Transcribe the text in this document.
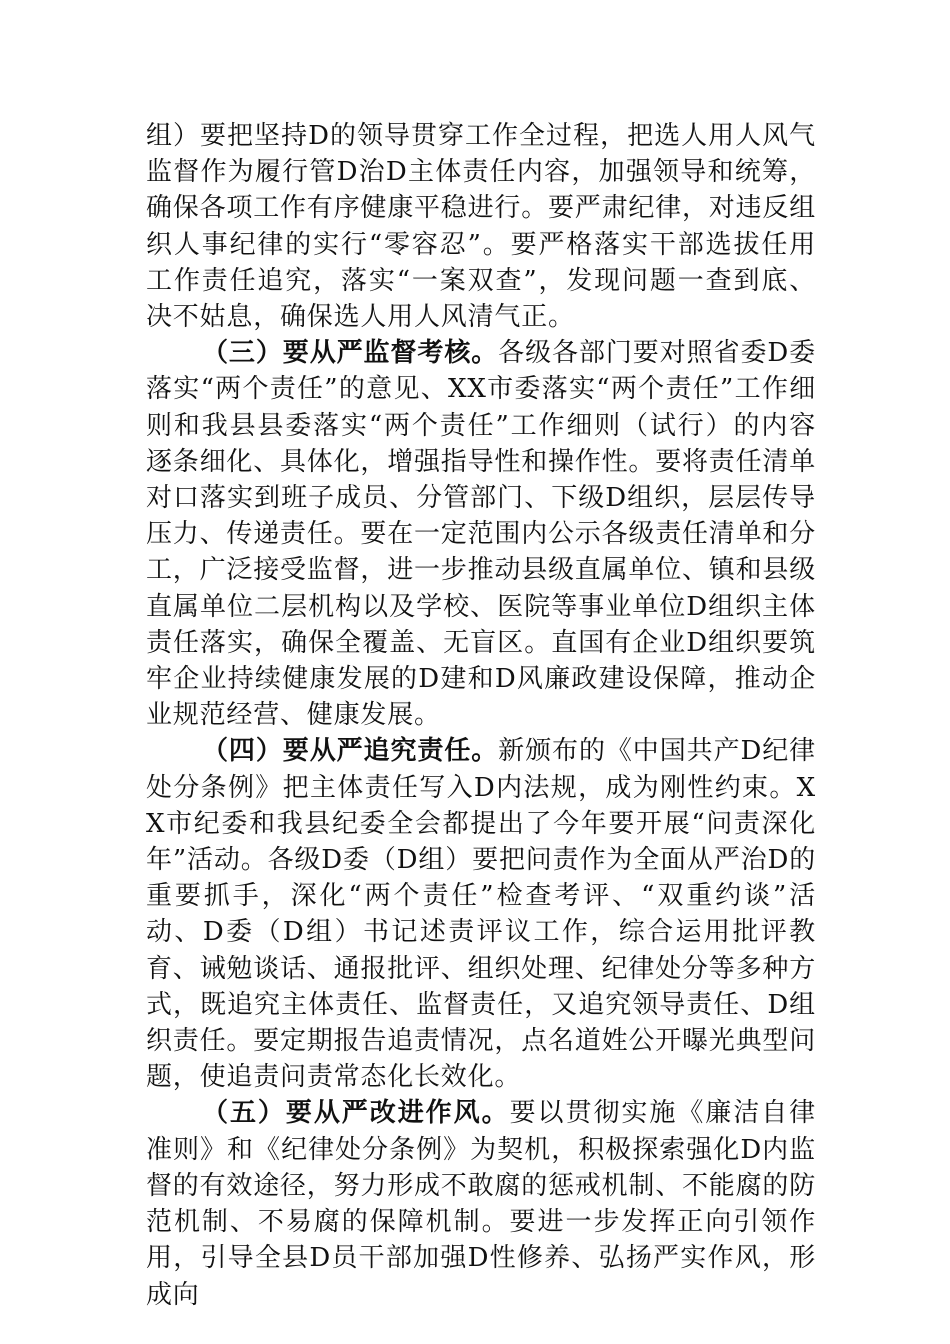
组）要把坚持D的领导贯穿工作全过程，把选人用人风气监督作为履行管D治D主体责任内容，加强领导和统筹，确保各项工作有序健康平稳进行。要严肃纪律，对违反组织人事纪律的实行“零容忍”。要严格落实干部选拔任用工作责任追究，落实“一案双查”，发现问题一查到底、决不姑息，确保选人用人风清气正。

（三）要从严监督考核。各级各部门要对照省委D委落实“两个责任”的意见、XX市委落实“两个责任”工作细则和我县县委落实“两个责任”工作细则（试行）的内容逐条细化、具体化，增强指导性和操作性。要将责任清单对口落实到班子成员、分管部门、下级D组织，层层传导压力、传递责任。要在一定范围内公示各级责任清单和分工，广泛接受监督，进一步推动县级直属单位、镇和县级直属单位二层机构以及学校、医院等事业单位D组织主体责任落实，确保全覆盖、无盲区。直国有企业D组织要筑牢企业持续健康发展的D建和D风廉政建设保障，推动企业规范经营、健康发展。

（四）要从严追究责任。新颁布的《中国共产D纪律处分条例》把主体责任写入D内法规，成为刚性约束。XX市纪委和我县纪委全会都提出了今年要开展“问责深化年”活动。各级D委（D组）要把问责作为全面从严治D的重要抓手，深化“两个责任”检查考评、“双重约谈”活动、D委（D组）书记述责评议工作，综合运用批评教育、诫勉谈话、通报批评、组织处理、纪律处分等多种方式，既追究主体责任、监督责任，又追究领导责任、D组织责任。要定期报告追责情况，点名道姓公开曝光典型问题，使追责问责常态化长效化。

（五）要从严改进作风。要以贯彻实施《廉洁自律准则》和《纪律处分条例》为契机，积极探索强化D内监督的有效途径，努力形成不敢腐的惩戒机制、不能腐的防范机制、不易腐的保障机制。要进一步发挥正向引领作用，引导全县D员干部加强D性修养、弘扬严实作风，形成向
